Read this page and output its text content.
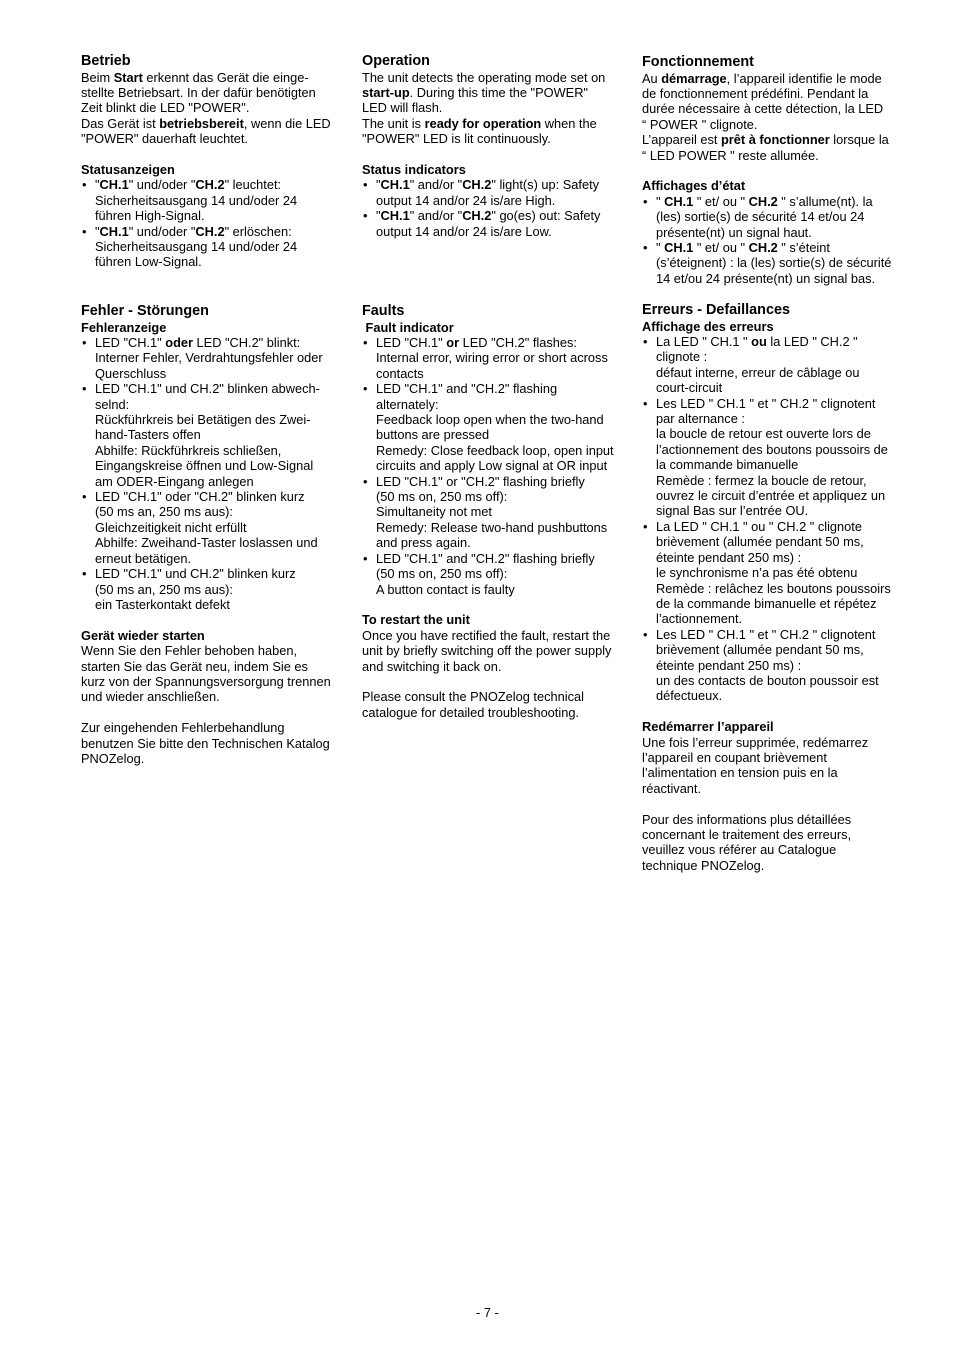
Betrieb
Beim Start erkennt das Gerät die einge-
stellte Betriebsart. In der dafür benötigten
Zeit blinkt die LED "POWER".
Das Gerät ist betriebsbereit, wenn die LED
"POWER" dauerhaft leuchtet.
Statusanzeigen
• "CH.1" und/oder "CH.2" leuchtet:
Sicherheitsausgang 14 und/oder 24
führen High-Signal.
• "CH.1" und/oder "CH.2" erlöschen:
Sicherheitsausgang 14 und/oder 24
führen Low-Signal.
Fehler - Störungen
Fehleranzeige
• LED "CH.1" oder LED "CH.2" blinkt:
Interner Fehler, Verdrahtungsfehler oder
Querschluss
• LED "CH.1" und CH.2" blinken abwech-
selnd:
Rückführkreis bei Betätigen des Zwei-
hand-Tasters offen
Abhilfe: Rückführkreis schließen,
Eingangskreise öffnen und Low-Signal
am ODER-Eingang anlegen
• LED "CH.1" oder "CH.2" blinken kurz
(50 ms an, 250 ms aus):
Gleichzeitigkeit nicht erfüllt
Abhilfe: Zweihand-Taster loslassen und
erneut betätigen.
• LED "CH.1" und CH.2" blinken kurz
(50 ms an, 250 ms aus):
ein Tasterkontakt defekt
Gerät wieder starten
Wenn Sie den Fehler behoben haben,
starten Sie das Gerät neu, indem Sie es
kurz von der Spannungsversorgung trennen
und wieder anschließen.
Zur eingehenden Fehlerbehandlung
benutzen Sie bitte den Technischen Katalog
PNOZelog.
Operation
The unit detects the operating mode set on
start-up. During this time the "POWER"
LED will flash.
The unit is ready for operation when the
"POWER" LED is lit continuously.
Status indicators
• "CH.1" and/or "CH.2" light(s) up: Safety
output 14 and/or 24 is/are High.
• "CH.1" and/or "CH.2" go(es) out: Safety
output 14 and/or 24 is/are Low.
Faults
Fault indicator
• LED "CH.1" or LED "CH.2" flashes:
Internal error, wiring error or short across
contacts
• LED "CH.1" and "CH.2" flashing
alternately:
Feedback loop open when the two-hand
buttons are pressed
Remedy: Close feedback loop, open input
circuits and apply Low signal at OR input
• LED "CH.1" or "CH.2" flashing briefly
(50 ms on, 250 ms off):
Simultaneity not met
Remedy: Release two-hand pushbuttons
and press again.
• LED "CH.1" and "CH.2" flashing briefly
(50 ms on, 250 ms off):
A button contact is faulty
To restart the unit
Once you have rectified the fault, restart the
unit by briefly switching off the power supply
and switching it back on.
Please consult the PNOZelog technical
catalogue for detailed troubleshooting.
Fonctionnement
Au démarrage, l’appareil identifie le mode
de fonctionnement prédéfini. Pendant la
durée nécessaire à cette détection, la LED
“ POWER " clignote.
L’appareil est prêt à fonctionner lorsque la
“ LED POWER " reste allumée.
Affichages d’état
• " CH.1 " et/ ou " CH.2 " s’allume(nt). la
(les) sortie(s) de sécurité 14 et/ou 24
présente(nt) un signal haut.
• " CH.1 " et/ ou " CH.2 " s’éteint
(s’éteignent) : la (les) sortie(s) de sécurité
14 et/ou 24 présente(nt) un signal bas.
Erreurs - Defaillances
Affichage des erreurs
• La LED " CH.1 " ou la LED " CH.2 "
clignote :
défaut interne, erreur de câblage ou
court-circuit
• Les LED " CH.1 " et " CH.2 " clignotent
par alternance :
la boucle de retour est ouverte lors de
l’actionnement des boutons poussoirs de
la commande bimanuelle
Remède : fermez la boucle de retour,
ouvrez le circuit d’entrée et appliquez un
signal Bas sur l’entrée OU.
• La LED " CH.1 " ou " CH.2 " clignote
brièvement (allumée pendant 50 ms,
éteinte pendant 250 ms) :
le synchronisme n’a pas été obtenu
Remède : relâchez les boutons poussoirs
de la commande bimanuelle et répétez
l’actionnement.
• Les LED " CH.1 " et " CH.2 " clignotent
brièvement (allumée pendant 50 ms,
éteinte pendant 250 ms) :
un des contacts de bouton poussoir est
défectueux.
Redémarrer l’appareil
Une fois l’erreur supprimée, redémarrez
l’appareil en coupant brièvement
l’alimentation en tension puis en la
réactivant.
Pour des informations plus détaillées
concernant le traitement des erreurs,
veuillez vous référer au Catalogue
technique PNOZelog.
- 7 -
